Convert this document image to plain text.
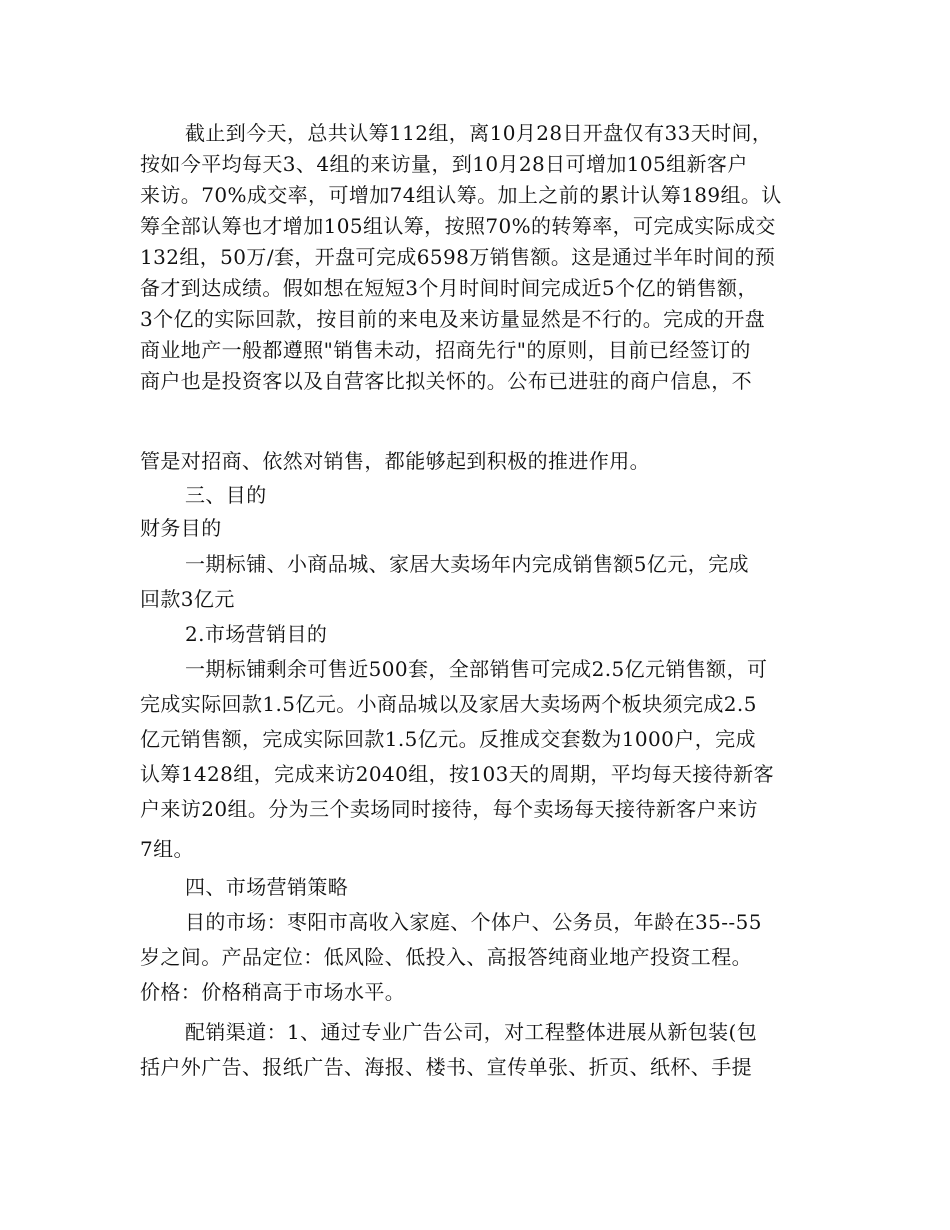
截止到今天，总共认筹112组，离10月28日开盘仅有33天时间，
按如今平均每天3、4组的来访量，到10月28日可增加105组新客户
来访。70%成交率，可增加74组认筹。加上之前的累计认筹189组。认
筹全部认筹也才增加105组认筹，按照70%的转筹率，可完成实际成交
132组，50万/套，开盘可完成6598万销售额。这是通过半年时间的预
备才到达成绩。假如想在短短3个月时间时间完成近5个亿的销售额，
3个亿的实际回款，按目前的来电及来访量显然是不行的。完成的开盘
商业地产一般都遵照"销售未动，招商先行"的原则，目前已经签订的
商户也是投资客以及自营客比拟关怀的。公布已进驻的商户信息，不
管是对招商、依然对销售，都能够起到积极的推进作用。
三、目的
财务目的
一期标铺、小商品城、家居大卖场年内完成销售额5亿元，完成
回款3亿元
2.市场营销目的
一期标铺剩余可售近500套，全部销售可完成2.5亿元销售额，可
完成实际回款1.5亿元。小商品城以及家居大卖场两个板块须完成2.5
亿元销售额，完成实际回款1.5亿元。反推成交套数为1000户，完成
认筹1428组，完成来访2040组，按103天的周期，平均每天接待新客
户来访20组。分为三个卖场同时接待，每个卖场每天接待新客户来访
7组。
四、市场营销策略
目的市场：枣阳市高收入家庭、个体户、公务员，年龄在35--55
岁之间。产品定位：低风险、低投入、高报答纯商业地产投资工程。
价格：价格稍高于市场水平。
配销渠道：1、通过专业广告公司，对工程整体进展从新包装(包
括户外广告、报纸广告、海报、楼书、宣传单张、折页、纸杯、手提
